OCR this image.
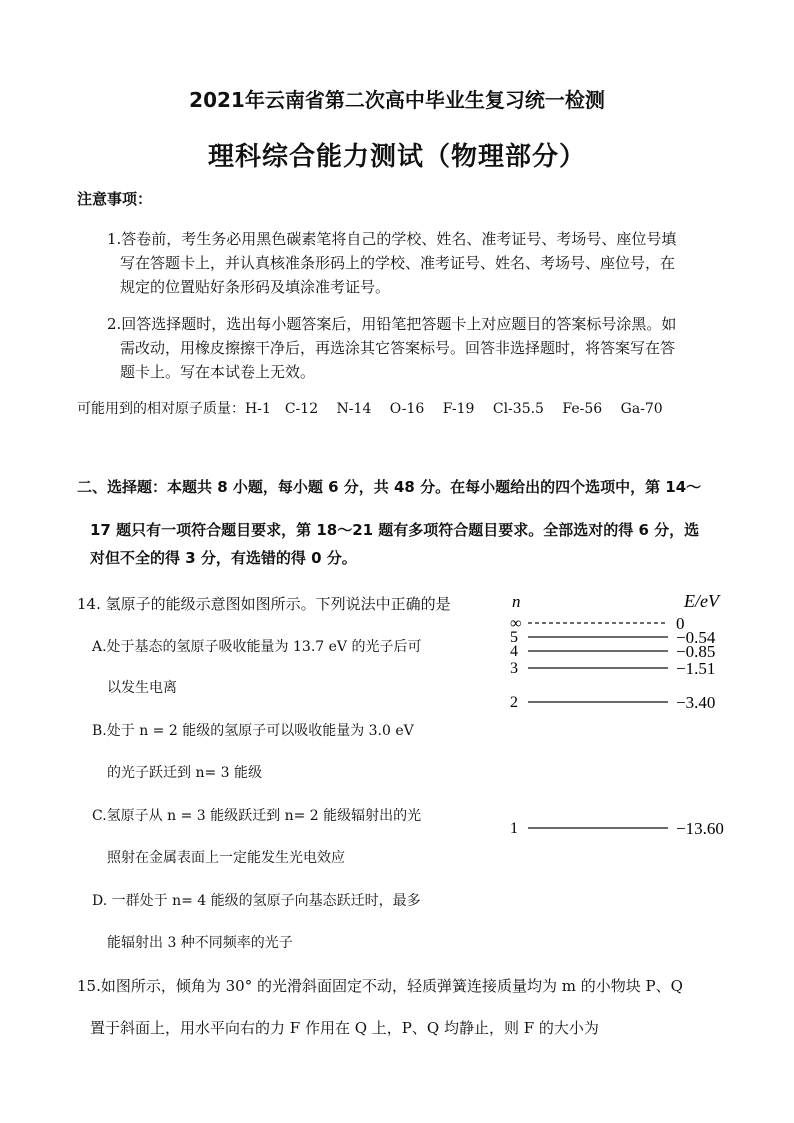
2021年云南省第二次高中毕业生复习统一检测
理科综合能力测试（物理部分）
注意事项：
1.答卷前，考生务必用黑色碳素笔将自己的学校、姓名、准考证号、考场号、座位号填
写在答题卡上，并认真核准条形码上的学校、准考证号、姓名、考场号、座位号，在
规定的位置贴好条形码及填涂准考证号。
2.回答选择题时，选出每小题答案后，用铅笔把答题卡上对应题目的答案标号涂黑。如
需改动，用橡皮擦擦干净后，再选涂其它答案标号。回答非选择题时，将答案写在答
题卡上。写在本试卷上无效。
可能用到的相对原子质量：H-1　C-12　 N-14　 O-16　 F-19　 Cl-35.5　 Fe-56　 Ga-70
二、选择题：本题共 8 小题，每小题 6 分，共 48 分。在每小题给出的四个选项中，第 14～
17 题只有一项符合题目要求，第 18～21 题有多项符合题目要求。全部选对的得 6 分，选
对但不全的得 3 分，有选错的得 0 分。
14. 氢原子的能级示意图如图所示。下列说法中正确的是
A.处于基态的氢原子吸收能量为 13.7 eV 的光子后可
以发生电离
B.处于 n = 2 能级的氢原子可以吸收能量为 3.0 eV
的光子跃迁到 n= 3 能级
C.氢原子从 n = 3 能级跃迁到 n= 2 能级辐射出的光
照射在金属表面上一定能发生光电效应
D. 一群处于 n= 4 能级的氢原子向基态跃迁时，最多
能辐射出 3 种不同频率的光子
n	E/eV
∞	0
5	−0.54
4	−0.85
3	−1.51
2	−3.40
1	−13.60
15.如图所示，倾角为 30° 的光滑斜面固定不动，轻质弹簧连接质量均为 m 的小物块 P、Q
置于斜面上，用水平向右的力 F 作用在 Q 上，P、Q 均静止，则 F 的大小为
